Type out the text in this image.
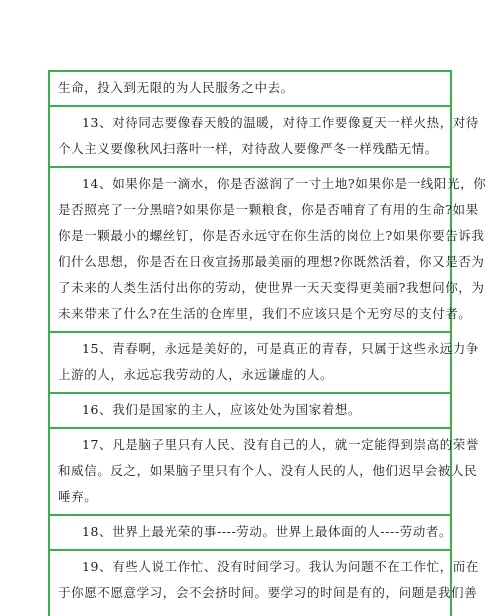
生命，投入到无限的为人民服务之中去。
13、对待同志要像春天般的温暖，对待工作要像夏天一样火热，对待
个人主义要像秋风扫落叶一样，对待敌人要像严冬一样残酷无情。
14、如果你是一滴水，你是否滋润了一寸土地?如果你是一线阳光，你
是否照亮了一分黑暗?如果你是一颗粮食，你是否哺育了有用的生命?如果
你是一颗最小的螺丝钉，你是否永远守在你生活的岗位上?如果你要告诉我
们什么思想，你是否在日夜宣扬那最美丽的理想?你既然活着，你又是否为
了未来的人类生活付出你的劳动，使世界一天天变得更美丽?我想问你，为
未来带来了什么?在生活的仓库里，我们不应该只是个无穷尽的支付者。
15、青春啊，永远是美好的，可是真正的青春，只属于这些永远力争
上游的人，永远忘我劳动的人，永远谦虚的人。
16、我们是国家的主人，应该处处为国家着想。
17、凡是脑子里只有人民、没有自己的人，就一定能得到崇高的荣誉
和威信。反之，如果脑子里只有个人、没有人民的人，他们迟早会被人民
唾弃。
18、世界上最光荣的事----劳动。世界上最体面的人----劳动者。
19、有些人说工作忙、没有时间学习。我认为问题不在工作忙，而在
于你愿不愿意学习，会不会挤时间。要学习的时间是有的，问题是我们善
